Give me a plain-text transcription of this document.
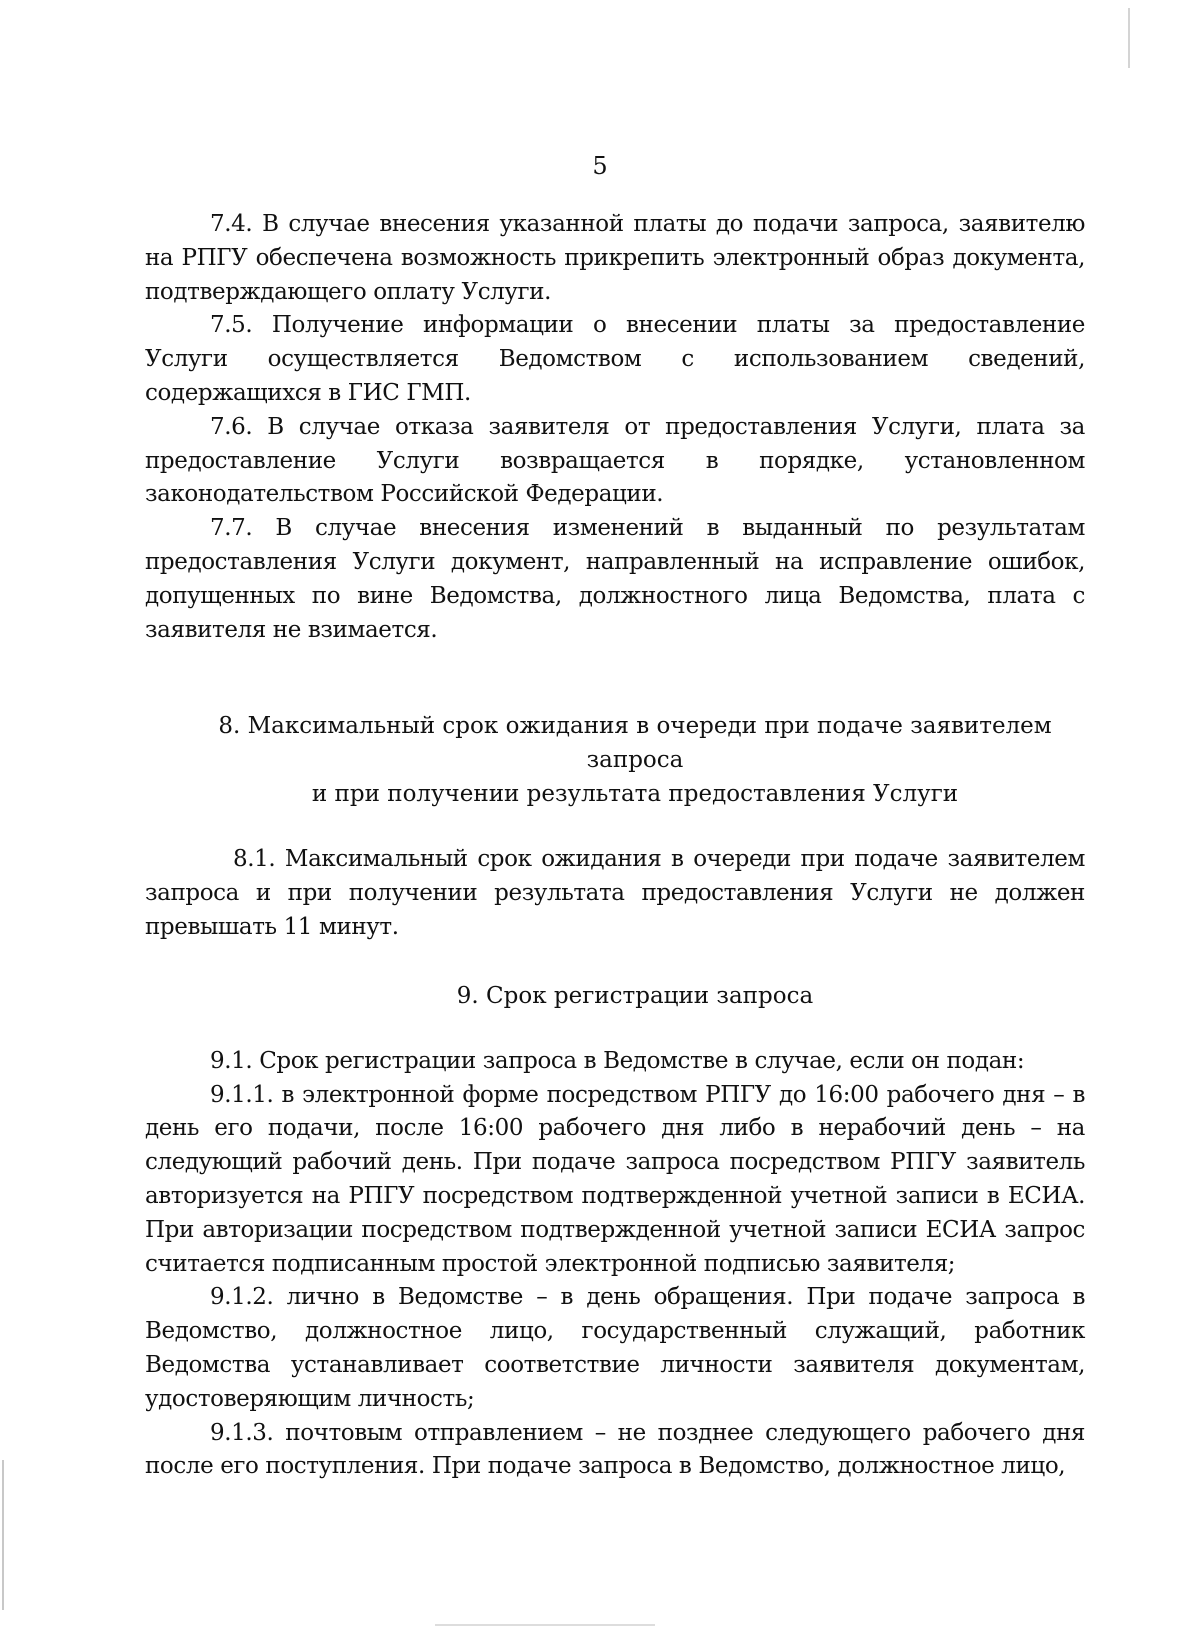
5

7.4. В случае внесения указанной платы до подачи запроса, заявителю на РПГУ обеспечена возможность прикрепить электронный образ документа, подтверждающего оплату Услуги.

7.5. Получение информации о внесении платы за предоставление Услуги осуществляется Ведомством с использованием сведений, содержащихся в ГИС ГМП.

7.6. В случае отказа заявителя от предоставления Услуги, плата за предоставление Услуги возвращается в порядке, установленном законодательством Российской Федерации.

7.7. В случае внесения изменений в выданный по результатам предоставления Услуги документ, направленный на исправление ошибок, допущенных по вине Ведомства, должностного лица Ведомства, плата с заявителя не взимается.

8. Максимальный срок ожидания в очереди при подаче заявителем запроса
и при получении результата предоставления Услуги

8.1. Максимальный срок ожидания в очереди при подаче заявителем запроса и при получении результата предоставления Услуги не должен превышать 11 минут.

9. Срок регистрации запроса

9.1. Срок регистрации запроса в Ведомстве в случае, если он подан:

9.1.1. в электронной форме посредством РПГУ до 16:00 рабочего дня – в день его подачи, после 16:00 рабочего дня либо в нерабочий день – на следующий рабочий день. При подаче запроса посредством РПГУ заявитель авторизуется на РПГУ посредством подтвержденной учетной записи в ЕСИА. При авторизации посредством подтвержденной учетной записи ЕСИА запрос считается подписанным простой электронной подписью заявителя;

9.1.2. лично в Ведомстве – в день обращения. При подаче запроса в Ведомство, должностное лицо, государственный служащий, работник Ведомства устанавливает соответствие личности заявителя документам, удостоверяющим личность;

9.1.3. почтовым отправлением – не позднее следующего рабочего дня после его поступления. При подаче запроса в Ведомство, должностное лицо,
